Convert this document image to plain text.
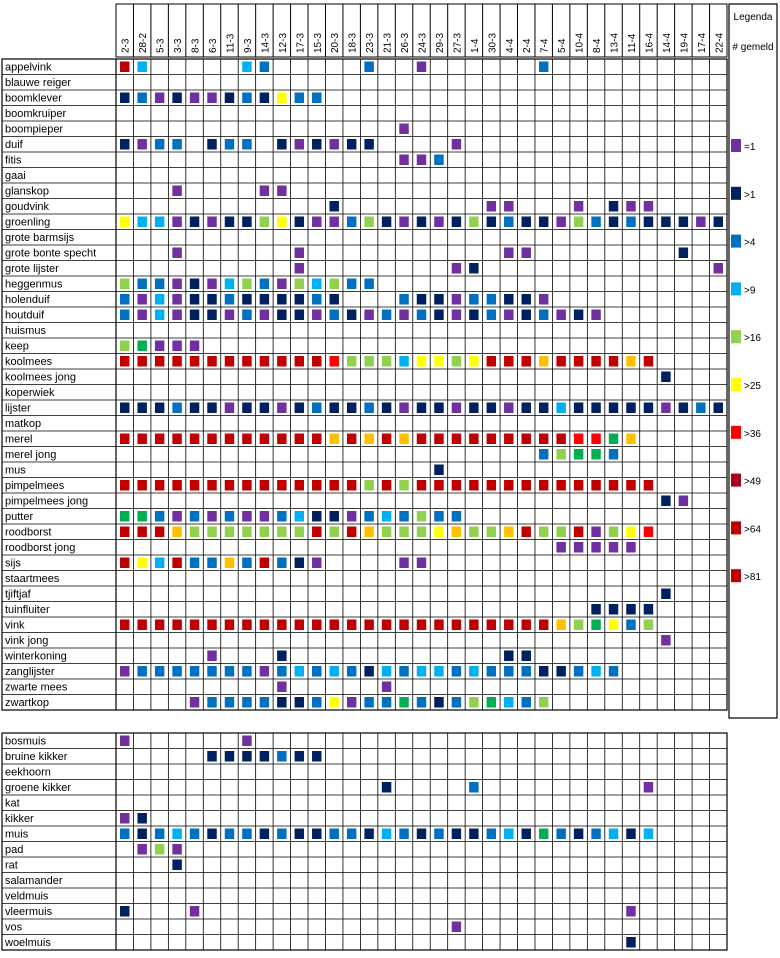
2-3 28-2 5-3 3-3 8-3 6-3 11-3 9-3 14-3 12-3 17-3 15-3 20-3 18-3 23-3 21-3 26-3 24-3 29-3 27-3 1-4 30-3 4-4 2-4 7-4 5-4 10-4 8-4 13-4 11-4 16-4 14-4 19-4 17-4 22-4
appelvink
blauwe reiger
boomklever
boomkruiper
boompieper
duif
fitis
gaai
glanskop
goudvink
groenling
grote barmsijs
grote bonte specht
grote lijster
heggenmus
holenduif
houtduif
huismus
keep
koolmees
koolmees jong
koperwiek
lijster
matkop
merel
merel jong
mus
pimpelmees
pimpelmees jong
putter
roodborst
roodborst jong
sijs
staartmees
tjiftjaf
tuinfluiter
vink
vink jong
winterkoning
zanglijster
zwarte mees
zwartkop
bosmuis
bruine kikker
eekhoorn
groene kikker
kat
kikker
muis
pad
rat
salamander
veldmuis
vleermuis
vos
woelmuis
Legenda
# gemeld
=1
>1
>4
>9
>16
>25
>36
>49
>64
>81
